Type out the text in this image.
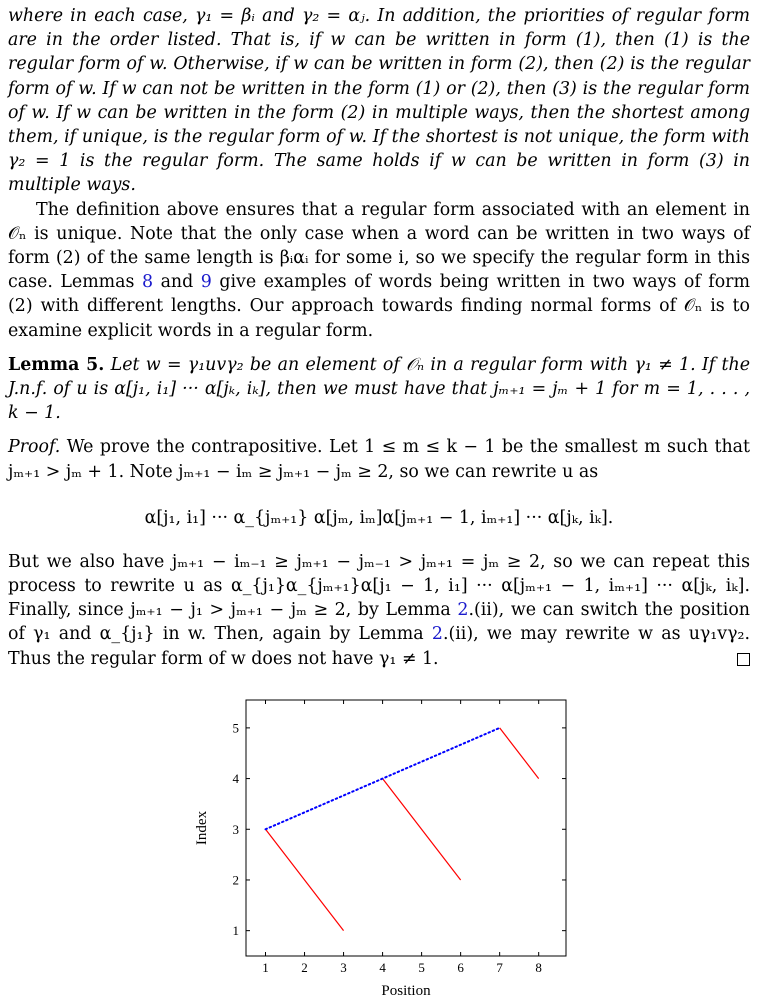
where in each case, γ₁ = βᵢ and γ₂ = αⱼ. In addition, the priorities of regular form are in the order listed. That is, if w can be written in form (1), then (1) is the regular form of w. Otherwise, if w can be written in form (2), then (2) is the regular form of w. If w can not be written in the form (1) or (2), then (3) is the regular form of w. If w can be written in the form (2) in multiple ways, then the shortest among them, if unique, is the regular form of w. If the shortest is not unique, the form with γ₂ = 1 is the regular form. The same holds if w can be written in form (3) in multiple ways.

The definition above ensures that a regular form associated with an element in 𝒪ₙ is unique. Note that the only case when a word can be written in two ways of form (2) of the same length is βᵢαᵢ for some i, so we specify the regular form in this case. Lemmas 8 and 9 give examples of words being written in two ways of form (2) with different lengths. Our approach towards finding normal forms of 𝒪ₙ is to examine explicit words in a regular form.

Lemma 5. Let w = γ₁uvγ₂ be an element of 𝒪ₙ in a regular form with γ₁ ≠ 1. If the J.n.f. of u is α[j₁, i₁] ··· α[jₖ, iₖ], then we must have that jₘ₊₁ = jₘ + 1 for m = 1, . . . , k − 1.

Proof. We prove the contrapositive. Let 1 ≤ m ≤ k − 1 be the smallest m such that jₘ₊₁ > jₘ + 1. Note jₘ₊₁ − iₘ ≥ jₘ₊₁ − jₘ ≥ 2, so we can rewrite u as

α[j₁, i₁] ··· α_{jₘ₊₁} α[jₘ, iₘ]α[jₘ₊₁ − 1, iₘ₊₁] ··· α[jₖ, iₖ].

But we also have jₘ₊₁ − iₘ₋₁ ≥ jₘ₊₁ − jₘ₋₁ > jₘ₊₁ = jₘ ≥ 2, so we can repeat this process to rewrite u as α_{j₁}α_{jₘ₊₁}α[j₁ − 1, i₁] ··· α[jₘ₊₁ − 1, iₘ₊₁] ··· α[jₖ, iₖ]. Finally, since jₘ₊₁ − j₁ > jₘ₊₁ − jₘ ≥ 2, by Lemma 2.(ii), we can switch the position of γ₁ and α_{j₁} in w. Then, again by Lemma 2.(ii), we may rewrite w as uγ₁vγ₂. Thus the regular form of w does not have γ₁ ≠ 1.

1	2	3	4	5	6	7	8
1
2
3
4
5
Position
Index
